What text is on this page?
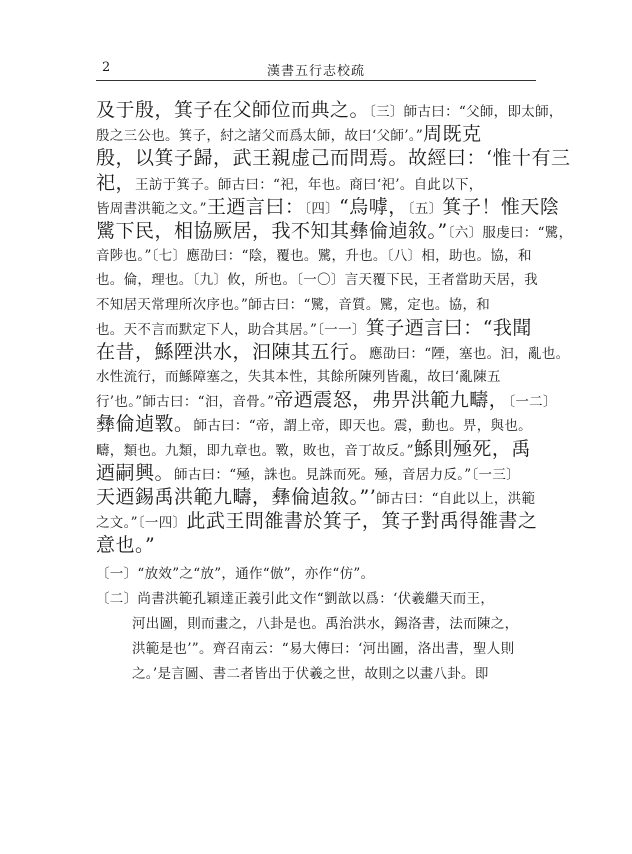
2	漢書五行志校疏
及于殷，箕子在父師位而典之。〔三〕師古曰：“父師，即太師，
殷之三公也。箕子，紂之諸父而爲太師，故曰‘父師’。”周既克
殷，以箕子歸，武王親虚己而問焉。故經曰：‘惟十有三
祀，王訪于箕子。師古曰：“祀，年也。商曰‘祀’。自此以下，
皆周書洪範之文。”王迺言曰：〔四〕“烏嘑，〔五〕箕子！惟天陰
騭下民，相協厥居，我不知其彝倫逌敘。”〔六〕服虔曰：“騭，
音陟也。”〔七〕應劭曰：“陰，覆也。騭，升也。〔八〕相，助也。協，和
也。倫，理也。〔九〕攸，所也。〔一〇〕言天覆下民，王者當助天居，我
不知居天常理所次序也。”師古曰：“騭，音質。騭，定也。協，和
也。天不言而默定下人，助合其居。”〔一一〕箕子迺言曰：“我聞
在昔，鯀陻洪水，汩陳其五行。應劭曰：“陻，塞也。汩，亂也。
水性流行，而鯀障塞之，失其本性，其餘所陳列皆亂，故曰‘亂陳五
行’也。”師古曰：“汩，音骨。”帝迺震怒，弗畀洪範九疇，〔一二〕
彝倫逌斁。師古曰：“帝，謂上帝，即天也。震，動也。畀，與也。
疇，類也。九類，即九章也。斁，敗也，音丁故反。”鯀則殛死，禹
迺嗣興。師古曰：“殛，誅也。見誅而死。殛，音居力反。”〔一三〕
天迺錫禹洪範九疇，彝倫逌敘。”’師古曰：“自此以上，洪範
之文。”〔一四〕此武王問雒書於箕子，箕子對禹得雒書之
意也。”
〔一〕“放效”之“放”，通作“倣”，亦作“仿”。
〔二〕尚書洪範孔穎達正義引此文作“劉歆以爲：‘伏羲繼天而王，
河出圖，則而畫之，八卦是也。禹治洪水，錫洛書，法而陳之，
洪範是也’”。齊召南云：“易大傳曰：‘河出圖，洛出書，聖人則
之。’是言圖、書二者皆出于伏羲之世，故則之以畫八卦。即
